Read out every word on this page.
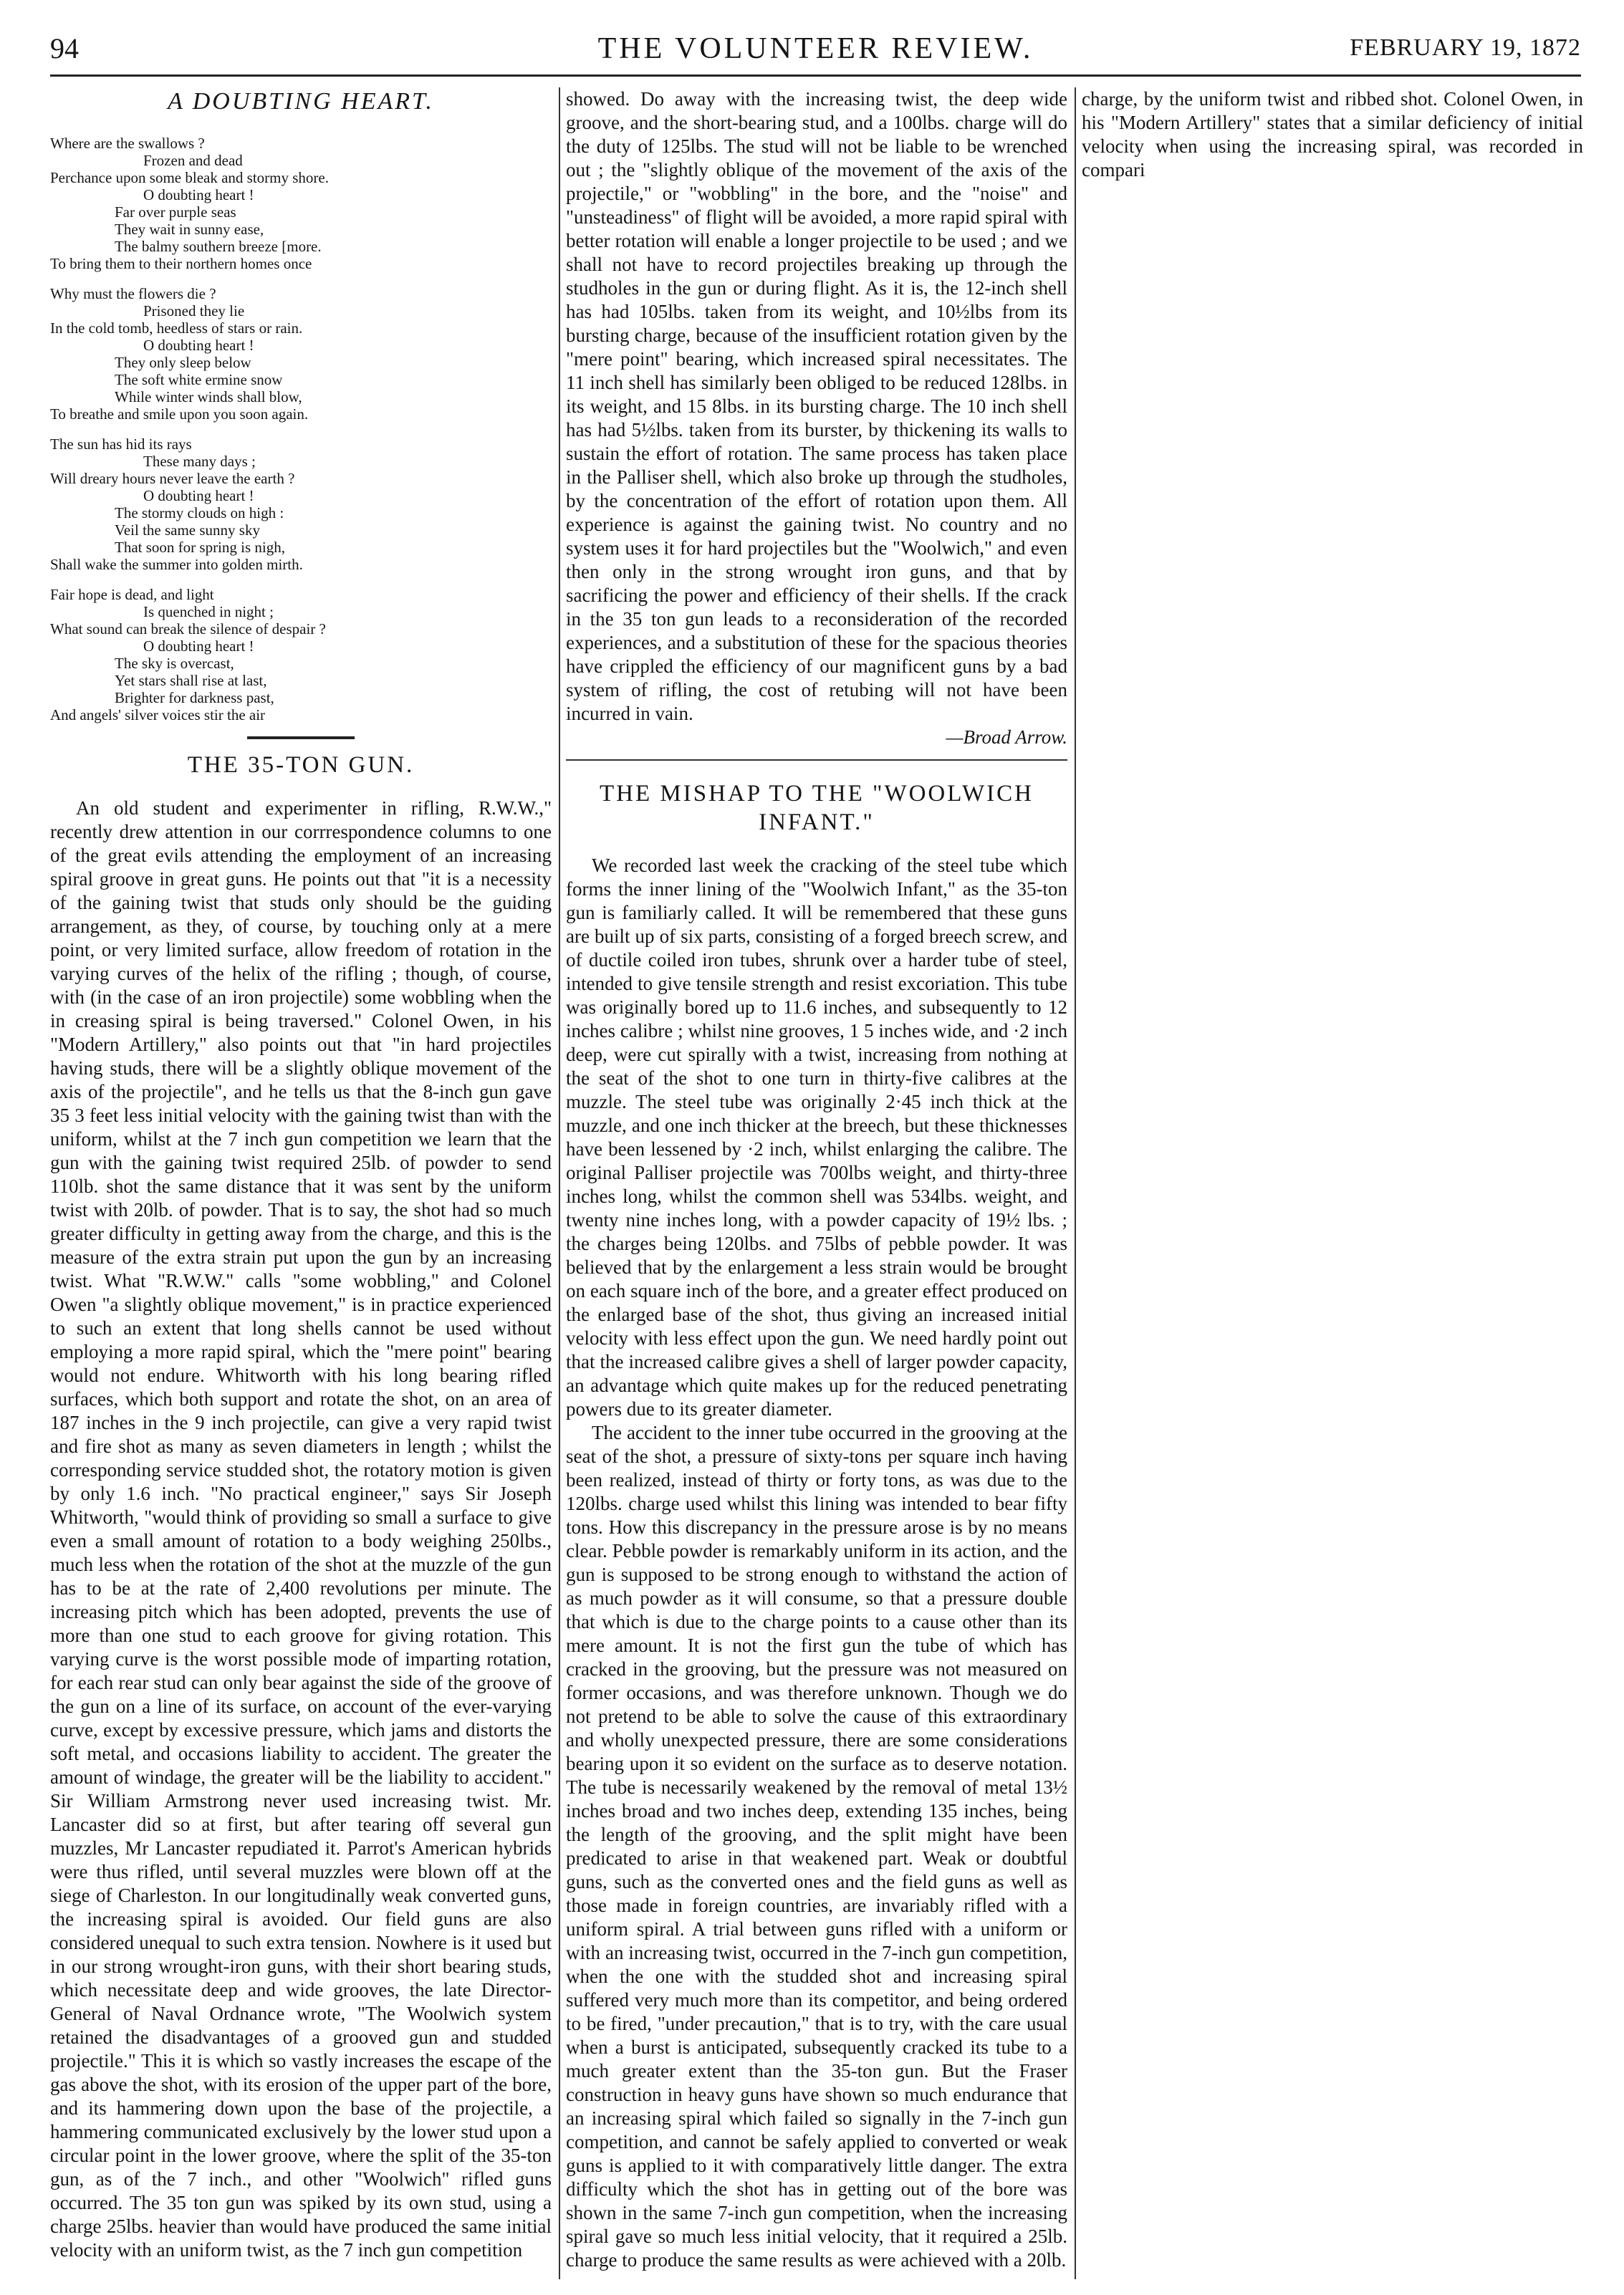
94	THE VOLUNTEER REVIEW.	FEBRUARY 19, 1872
A DOUBTING HEART.
Where are the swallows ?
Frozen and dead
Perchance upon some bleak and stormy shore.
O doubting heart !
Far over purple seas
They wait in sunny ease,
The balmy southern breeze [more.
To bring them to their northern homes once
Why must the flowers die ?
Prisoned they lie
In the cold tomb, heedless of stars or rain.
O doubting heart !
They only sleep below
The soft white ermine snow
While winter winds shall blow,
To breathe and smile upon you soon again.
The sun has hid its rays
These many days ;
Will dreary hours never leave the earth ?
O doubting heart !
The stormy clouds on high :
Veil the same sunny sky
That soon for spring is nigh,
Shall wake the summer into golden mirth.
Fair hope is dead, and light
Is quenched in night ;
What sound can break the silence of despair ?
O doubting heart !
The sky is overcast,
Yet stars shall rise at last,
Brighter for darkness past,
And angels' silver voices stir the air
THE 35-TON GUN.

An old student and experimenter in rifling, R.W.W.," recently drew attention in our corrrespondence columns to one of the great evils attending the employment of an increasing spiral groove in great guns. He points out that "it is a necessity of the gaining twist that studs only should be the guiding arrangement, as they, of course, by touching only at a mere point, or very limited surface, allow freedom of rotation in the varying curves of the helix of the rifling ; though, of course, with (in the case of an iron projectile) some wobbling when the in creasing spiral is being traversed." Colonel Owen, in his "Modern Artillery," also points out that "in hard projectiles having studs, there will be a slightly oblique movement of the axis of the projectile", and he tells us that the 8-inch gun gave 35 3 feet less initial velocity with the gaining twist than with the uniform, whilst at the 7 inch gun competition we learn that the gun with the gaining twist required 25lb. of powder to send 110lb. shot the same distance that it was sent by the uniform twist with 20lb. of powder. That is to say, the shot had so much greater difficulty in getting away from the charge, and this is the measure of the extra strain put upon the gun by an increasing twist. What "R.W.W." calls "some wobbling," and Colonel Owen "a slightly oblique movement," is in practice experienced to such an extent that long shells cannot be used without employing a more rapid spiral, which the "mere point" bearing would not endure. Whitworth with his long bearing rifled surfaces, which both support and rotate the shot, on an area of 187 inches in the 9 inch projectile, can give a very rapid twist and fire shot as many as seven diameters in length ; whilst the corresponding service studded shot, the rotatory motion is given by only 1.6 inch. "No practical engineer," says Sir Joseph Whitworth, "would think of providing so small a surface to give even a small amount of rotation to a body weighing 250lbs., much less when the rotation of the shot at the muzzle of the gun has to be at the rate of 2,400 revolutions per minute. The increasing pitch which has been adopted, prevents the use of more than one stud to each groove for giving rotation. This varying curve is the worst possible mode of imparting rotation, for each rear stud can only bear against the side of the groove of the gun on a line of its surface, on account of the ever-varying curve, except by excessive pressure, which jams and distorts the soft metal, and occasions liability to accident. The greater the amount of windage, the greater will be the liability to accident." Sir William Armstrong never used increasing twist. Mr. Lancaster did so at first, but after tearing off several gun muzzles, Mr Lancaster repudiated it. Parrot's American hybrids were thus rifled, until several muzzles were blown off at the siege of Charleston. In our longitudinally weak converted guns, the increasing spiral is avoided. Our field guns are also considered unequal to such extra tension. Nowhere is it used but in our strong wrought-iron guns, with their short bearing studs, which necessitate deep and wide grooves, the late Director-General of Naval Ordnance wrote, "The Woolwich system retained the disadvantages of a grooved gun and studded projectile." This it is which so vastly increases the escape of the gas above the shot, with its erosion of the upper part of the bore, and its hammering down upon the base of the projectile, a hammering communicated exclusively by the lower stud upon a circular point in the lower groove, where the split of the 35-ton gun, as of the 7 inch., and other "Woolwich" rifled guns occurred. The 35 ton gun was spiked by its own stud, using a charge 25lbs. heavier than would have produced the same initial velocity with an uniform twist, as the 7 inch gun competition

showed. Do away with the increasing twist, the deep wide groove, and the short-bearing stud, and a 100lbs. charge will do the duty of 125lbs. The stud will not be liable to be wrenched out ; the "slightly oblique of the movement of the axis of the projectile," or "wobbling" in the bore, and the "noise" and "unsteadiness" of flight will be avoided, a more rapid spiral with better rotation will enable a longer projectile to be used ; and we shall not have to record projectiles breaking up through the studholes in the gun or during flight. As it is, the 12-inch shell has had 105lbs. taken from its weight, and 10½lbs from its bursting charge, because of the insufficient rotation given by the "mere point" bearing, which increased spiral necessitates. The 11 inch shell has similarly been obliged to be reduced 128lbs. in its weight, and 15 8lbs. in its bursting charge. The 10 inch shell has had 5½lbs. taken from its burster, by thickening its walls to sustain the effort of rotation. The same process has taken place in the Palliser shell, which also broke up through the studholes, by the concentration of the effort of rotation upon them. All experience is against the gaining twist. No country and no system uses it for hard projectiles but the "Woolwich," and even then only in the strong wrought iron guns, and that by sacrificing the power and efficiency of their shells. If the crack in the 35 ton gun leads to a reconsideration of the recorded experiences, and a substitution of these for the spacious theories have crippled the efficiency of our magnificent guns by a bad system of rifling, the cost of retubing will not have been incurred in vain.

—Broad Arrow.
THE MISHAP TO THE "WOOLWICH INFANT."

We recorded last week the cracking of the steel tube which forms the inner lining of the "Woolwich Infant," as the 35-ton gun is familiarly called. It will be remembered that these guns are built up of six parts, consisting of a forged breech screw, and of ductile coiled iron tubes, shrunk over a harder tube of steel, intended to give tensile strength and resist excoriation. This tube was originally bored up to 11.6 inches, and subsequently to 12 inches calibre ; whilst nine grooves, 1 5 inches wide, and ·2 inch deep, were cut spirally with a twist, increasing from nothing at the seat of the shot to one turn in thirty-five calibres at the muzzle. The steel tube was originally 2·45 inch thick at the muzzle, and one inch thicker at the breech, but these thicknesses have been lessened by ·2 inch, whilst enlarging the calibre. The original Palliser projectile was 700lbs weight, and thirty-three inches long, whilst the common shell was 534lbs. weight, and twenty nine inches long, with a powder capacity of 19½ lbs. ; the charges being 120lbs. and 75lbs of pebble powder. It was believed that by the enlargement a less strain would be brought on each square inch of the bore, and a greater effect produced on the enlarged base of the shot, thus giving an increased initial velocity with less effect upon the gun. We need hardly point out that the increased calibre gives a shell of larger powder capacity, an advantage which quite makes up for the reduced penetrating powers due to its greater diameter.

The accident to the inner tube occurred in the grooving at the seat of the shot, a pressure of sixty-tons per square inch having been realized, instead of thirty or forty tons, as was due to the 120lbs. charge used whilst this lining was intended to bear fifty tons. How this discrepancy in the pressure arose is by no means clear. Pebble powder is remarkably uniform in its action, and the gun is supposed to be strong enough to withstand the action of as much powder as it will consume, so that a pressure double that which is due to the charge points to a cause other than its mere amount. It is not the first gun the tube of which has cracked in the grooving, but the pressure was not measured on former occasions, and was therefore unknown. Though we do not pretend to be able to solve the cause of this extraordinary and wholly unexpected pressure, there are some considerations bearing upon it so evident on the surface as to deserve notation. The tube is necessarily weakened by the removal of metal 13½ inches broad and two inches deep, extending 135 inches, being the length of the grooving, and the split might have been predicated to arise in that weakened part. Weak or doubtful guns, such as the converted ones and the field guns as well as those made in foreign countries, are invariably rifled with a uniform spiral. A trial between guns rifled with a uniform or with an increasing twist, occurred in the 7-inch gun competition, when the one with the studded shot and increasing spiral suffered very much more than its competitor, and being ordered to be fired, "under precaution," that is to try, with the care usual when a burst is anticipated, subsequently cracked its tube to a much greater extent than the 35-ton gun. But the Fraser construction in heavy guns have shown so much endurance that an increasing spiral which failed so signally in the 7-inch gun competition, and cannot be safely applied to converted or weak guns is applied to it with comparatively little danger. The extra difficulty which the shot has in getting out of the bore was shown in the same 7-inch gun competition, when the increasing spiral gave so much less initial velocity, that it required a 25lb. charge to produce the same results as were achieved with a 20lb.

charge, by the uniform twist and ribbed shot. Colonel Owen, in his "Modern Artillery" states that a similar deficiency of initial velocity when using the increasing spiral, was recorded in compari
